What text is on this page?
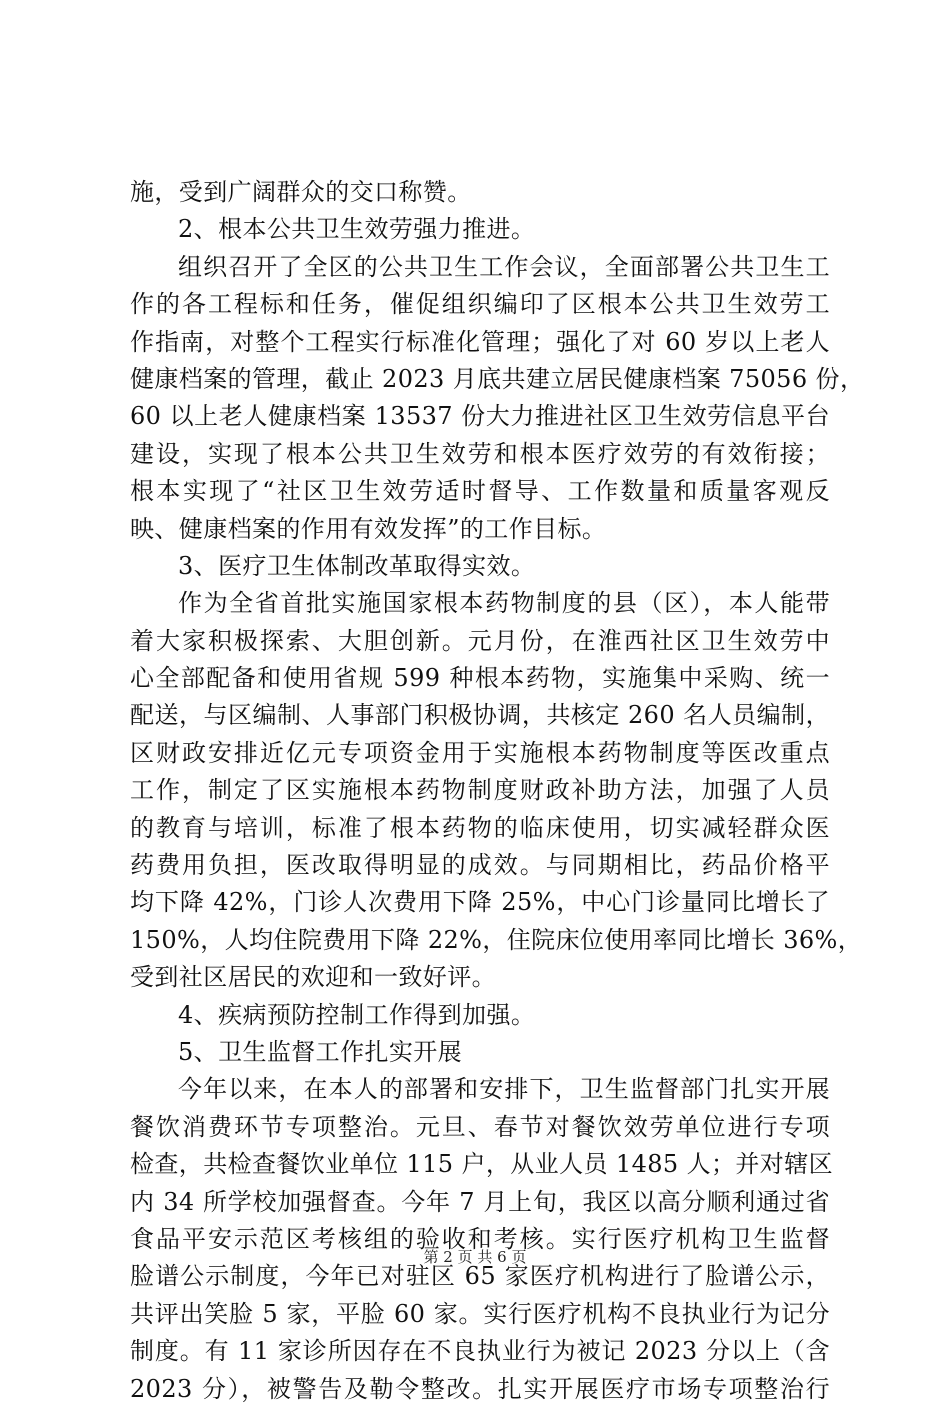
施，受到广阔群众的交口称赞。
2、根本公共卫生效劳强力推进。
组织召开了全区的公共卫生工作会议，全面部署公共卫生工
作的各工程标和任务，催促组织编印了区根本公共卫生效劳工
作指南，对整个工程实行标准化管理；强化了对 60 岁以上老人
健康档案的管理，截止 2023 月底共建立居民健康档案 75056 份，
60 以上老人健康档案 13537 份大力推进社区卫生效劳信息平台
建设，实现了根本公共卫生效劳和根本医疗效劳的有效衔接；
根本实现了“社区卫生效劳适时督导、工作数量和质量客观反
映、健康档案的作用有效发挥”的工作目标。
3、医疗卫生体制改革取得实效。
作为全省首批实施国家根本药物制度的县（区），本人能带
着大家积极探索、大胆创新。元月份，在淮西社区卫生效劳中
心全部配备和使用省规 599 种根本药物，实施集中采购、统一
配送，与区编制、人事部门积极协调，共核定 260 名人员编制，
区财政安排近亿元专项资金用于实施根本药物制度等医改重点
工作，制定了区实施根本药物制度财政补助方法，加强了人员
的教育与培训，标准了根本药物的临床使用，切实减轻群众医
药费用负担，医改取得明显的成效。与同期相比，药品价格平
均下降 42%，门诊人次费用下降 25%，中心门诊量同比增长了
150%，人均住院费用下降 22%，住院床位使用率同比增长 36%，
受到社区居民的欢迎和一致好评。
4、疾病预防控制工作得到加强。
5、卫生监督工作扎实开展
今年以来，在本人的部署和安排下，卫生监督部门扎实开展
餐饮消费环节专项整治。元旦、春节对餐饮效劳单位进行专项
检查，共检查餐饮业单位 115 户，从业人员 1485 人；并对辖区
内 34 所学校加强督查。今年 7 月上旬，我区以高分顺利通过省
食品平安示范区考核组的验收和考核。实行医疗机构卫生监督
脸谱公示制度，今年已对驻区 65 家医疗机构进行了脸谱公示，
共评出笑脸 5 家，平脸 60 家。实行医疗机构不良执业行为记分
制度。有 11 家诊所因存在不良执业行为被记 2023 分以上（含
2023 分），被警告及勒令整改。扎实开展医疗市场专项整治行
第 2 页 共 6 页
